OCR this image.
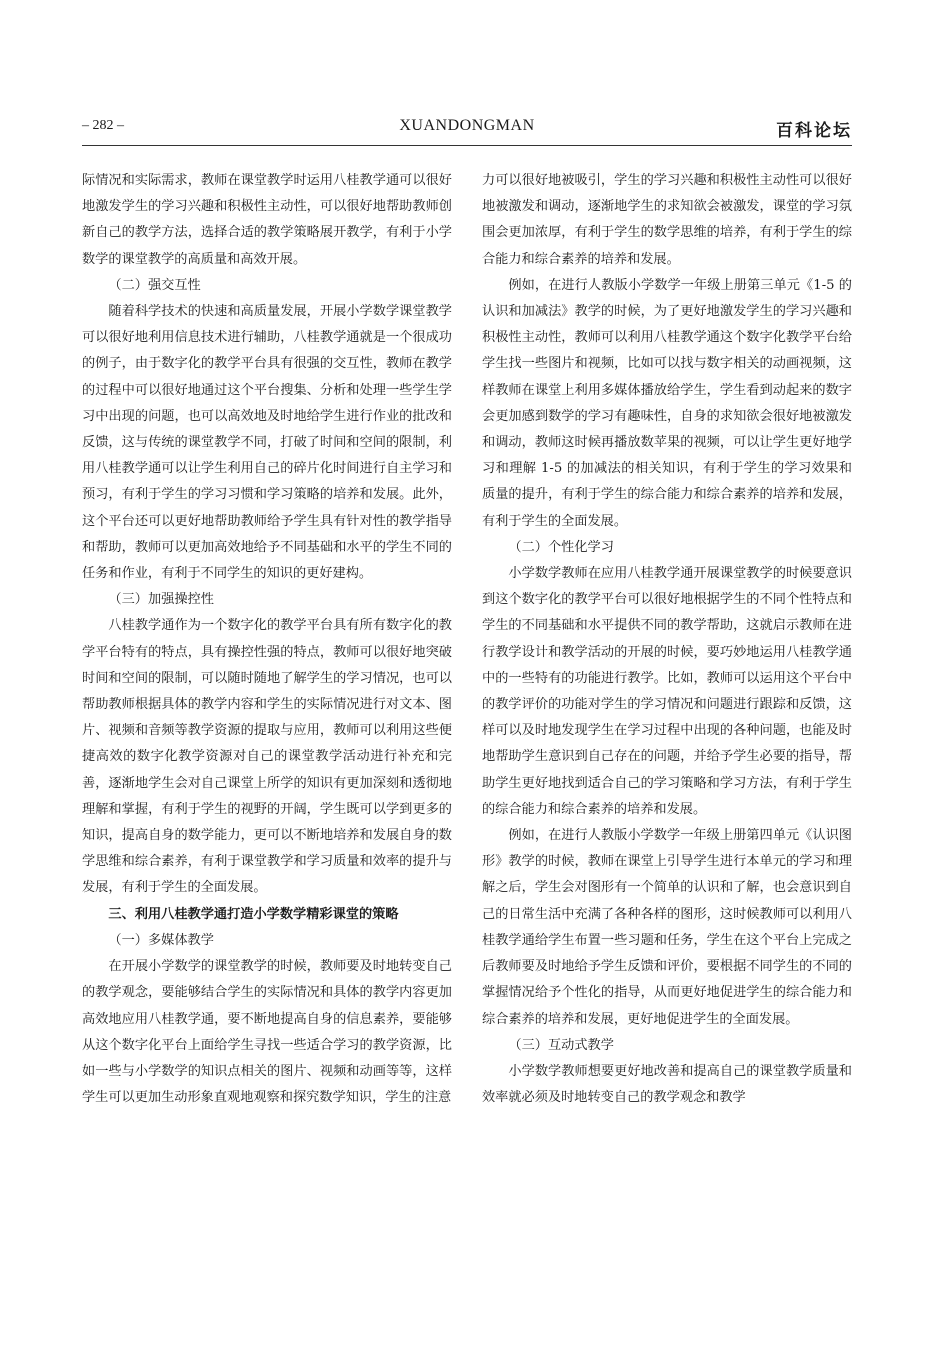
– 282 –	XUANDONGMAN	百科论坛

际情况和实际需求，教师在课堂教学时运用八桂教学通可以很好地激发学生的学习兴趣和积极性主动性，可以很好地帮助教师创新自己的教学方法，选择合适的教学策略展开教学，有利于小学数学的课堂教学的高质量和高效开展。

（二）强交互性

随着科学技术的快速和高质量发展，开展小学数学课堂教学可以很好地利用信息技术进行辅助，八桂教学通就是一个很成功的例子，由于数字化的教学平台具有很强的交互性，教师在教学的过程中可以很好地通过这个平台搜集、分析和处理一些学生学习中出现的问题，也可以高效地及时地给学生进行作业的批改和反馈，这与传统的课堂教学不同，打破了时间和空间的限制，利用八桂教学通可以让学生利用自己的碎片化时间进行自主学习和预习，有利于学生的学习习惯和学习策略的培养和发展。此外，这个平台还可以更好地帮助教师给予学生具有针对性的教学指导和帮助，教师可以更加高效地给予不同基础和水平的学生不同的任务和作业，有利于不同学生的知识的更好建构。

（三）加强操控性

八桂教学通作为一个数字化的教学平台具有所有数字化的教学平台特有的特点，具有操控性强的特点，教师可以很好地突破时间和空间的限制，可以随时随地了解学生的学习情况，也可以帮助教师根据具体的教学内容和学生的实际情况进行对文本、图片、视频和音频等教学资源的提取与应用，教师可以利用这些便捷高效的数字化教学资源对自己的课堂教学活动进行补充和完善，逐渐地学生会对自己课堂上所学的知识有更加深刻和透彻地理解和掌握，有利于学生的视野的开阔，学生既可以学到更多的知识，提高自身的数学能力，更可以不断地培养和发展自身的数学思维和综合素养，有利于课堂教学和学习质量和效率的提升与发展，有利于学生的全面发展。

三、利用八桂教学通打造小学数学精彩课堂的策略

（一）多媒体教学

在开展小学数学的课堂教学的时候，教师要及时地转变自己的教学观念，要能够结合学生的实际情况和具体的教学内容更加高效地应用八桂教学通，要不断地提高自身的信息素养，要能够从这个数字化平台上面给学生寻找一些适合学习的教学资源，比如一些与小学数学的知识点相关的图片、视频和动画等等，这样学生可以更加生动形象直观地观察和探究数学知识，学生的注意

力可以很好地被吸引，学生的学习兴趣和积极性主动性可以很好地被激发和调动，逐渐地学生的求知欲会被激发，课堂的学习氛围会更加浓厚，有利于学生的数学思维的培养，有利于学生的综合能力和综合素养的培养和发展。

例如，在进行人教版小学数学一年级上册第三单元《1-5 的认识和加减法》教学的时候，为了更好地激发学生的学习兴趣和积极性主动性，教师可以利用八桂教学通这个数字化教学平台给学生找一些图片和视频，比如可以找与数字相关的动画视频，这样教师在课堂上利用多媒体播放给学生，学生看到动起来的数字会更加感到数学的学习有趣味性，自身的求知欲会很好地被激发和调动，教师这时候再播放数苹果的视频，可以让学生更好地学习和理解 1-5 的加减法的相关知识，有利于学生的学习效果和质量的提升，有利于学生的综合能力和综合素养的培养和发展，有利于学生的全面发展。

（二）个性化学习

小学数学教师在应用八桂教学通开展课堂教学的时候要意识到这个数字化的教学平台可以很好地根据学生的不同个性特点和学生的不同基础和水平提供不同的教学帮助，这就启示教师在进行教学设计和教学活动的开展的时候，要巧妙地运用八桂教学通中的一些特有的功能进行教学。比如，教师可以运用这个平台中的教学评价的功能对学生的学习情况和问题进行跟踪和反馈，这样可以及时地发现学生在学习过程中出现的各种问题，也能及时地帮助学生意识到自己存在的问题，并给予学生必要的指导，帮助学生更好地找到适合自己的学习策略和学习方法，有利于学生的综合能力和综合素养的培养和发展。

例如，在进行人教版小学数学一年级上册第四单元《认识图形》教学的时候，教师在课堂上引导学生进行本单元的学习和理解之后，学生会对图形有一个简单的认识和了解，也会意识到自己的日常生活中充满了各种各样的图形，这时候教师可以利用八桂教学通给学生布置一些习题和任务，学生在这个平台上完成之后教师要及时地给予学生反馈和评价，要根据不同学生的不同的掌握情况给予个性化的指导，从而更好地促进学生的综合能力和综合素养的培养和发展，更好地促进学生的全面发展。

（三）互动式教学

小学数学教师想要更好地改善和提高自己的课堂教学质量和效率就必须及时地转变自己的教学观念和教学
